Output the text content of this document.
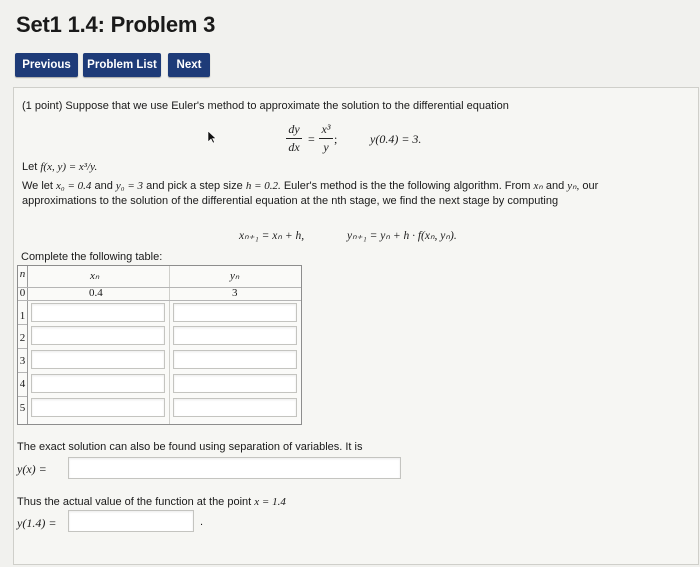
Set1 1.4: Problem 3
Previous	Problem List	Next
(1 point) Suppose that we use Euler's method to approximate the solution to the differential equation
dy
dx
=
x³
y
;	y(0.4) = 3.
Let f(x, y) = x³/y.
We let x₀ = 0.4 and y₀ = 3 and pick a step size h = 0.2. Euler's method is the the following algorithm. From xₙ and yₙ, our
approximations to the solution of the differential equation at the nth stage, we find the next stage by computing
xₙ₊₁ = xₙ + h,	yₙ₊₁ = yₙ + h · f(xₙ, yₙ).
Complete the following table:
n	xₙ	yₙ
0	0.4	3
1
2
3
4
5
The exact solution can also be found using separation of variables. It is
y(x) =
Thus the actual value of the function at the point x = 1.4
y(1.4) =	.
